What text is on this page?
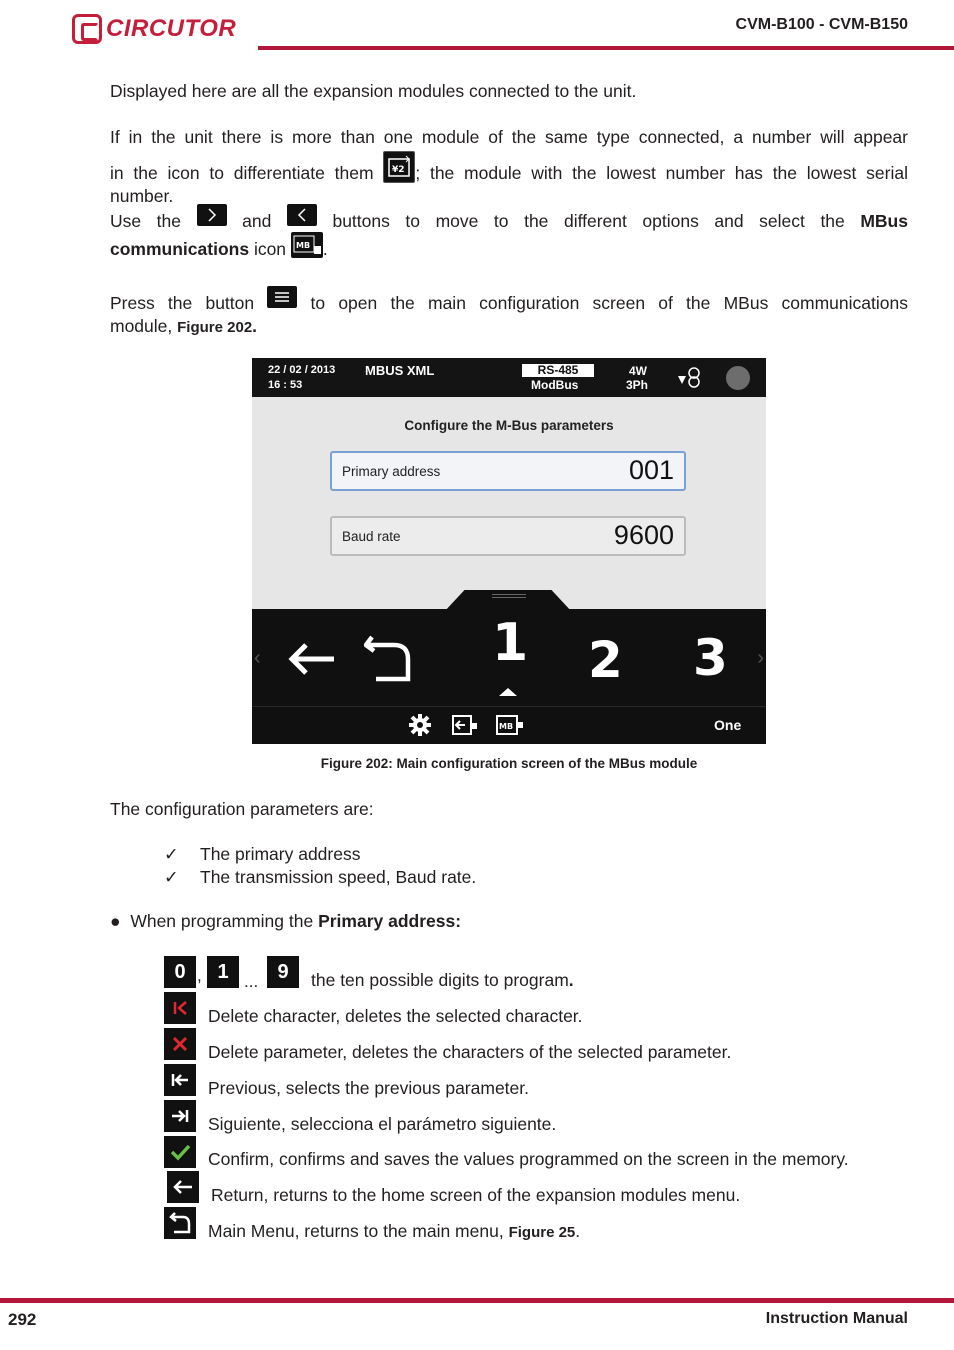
CIRCUTOR	CVM-B100 - CVM-B150
Displayed here are all the expansion modules connected to the unit.
If in the unit there is more than one module of the same type connected, a number will appear
in the icon to differentiate them ¥2 ; the module with the lowest number has the lowest serial
number.
Use the	and	buttons to move to the different options and select the MBus
communications icon MB .
Press the button	to open the main configuration screen of the MBus communications
module, Figure 202.
22 / 02 / 2013
16 : 53
MBUS XML	RS-485
ModBus
4W
3Ph
Configure the M-Bus parameters
Primary address	001
Baud rate	9600
‹	›
1 2 3
MB	One
Figure 202: Main configuration screen of the MBus module
The configuration parameters are:
✓ The primary address
✓ The transmission speed, Baud rate.
● When programming the Primary address:
0 , 1 ... 9	the ten possible digits to program.
Delete character, deletes the selected character.
Delete parameter, deletes the characters of the selected parameter.
Previous, selects the previous parameter.
Siguiente, selecciona el parámetro siguiente.
Confirm, confirms and saves the values programmed on the screen in the memory.
Return, returns to the home screen of the expansion modules menu.
Main Menu, returns to the main menu, Figure 25.
292	Instruction Manual
